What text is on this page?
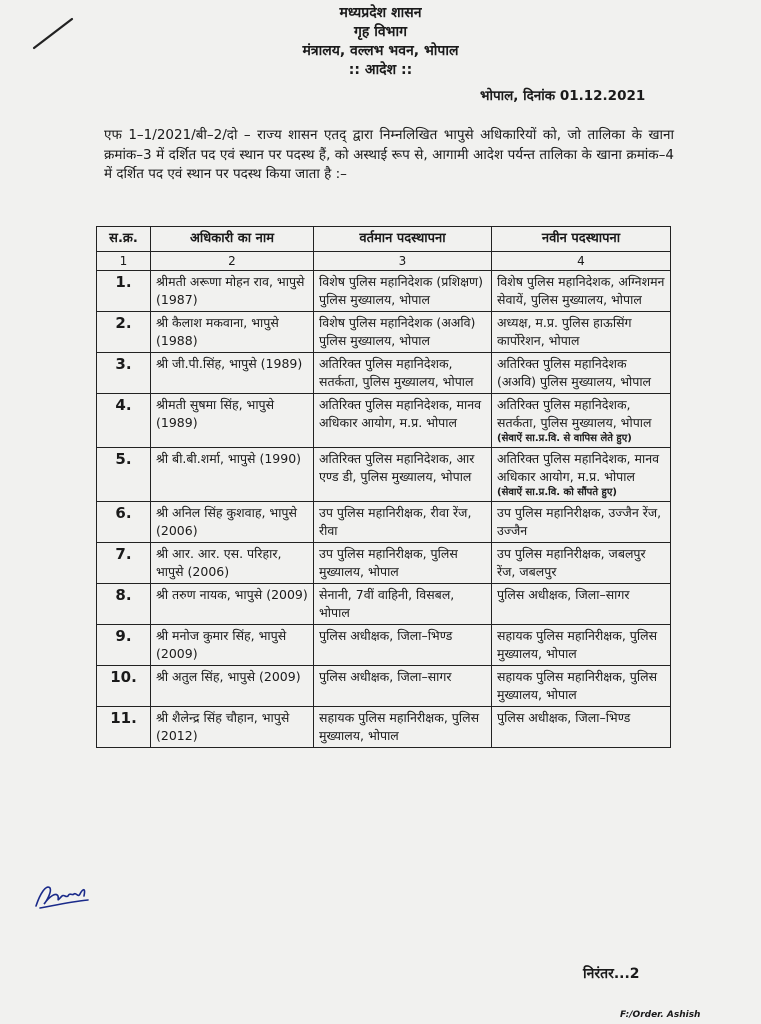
मध्यप्रदेश शासन
गृह विभाग
मंत्रालय, वल्लभ भवन, भोपाल
:: आदेश ::
भोपाल, दिनांक 01.12.2021
एफ 1–1/2021/बी–2/दो – राज्य शासन एतद् द्वारा निम्नलिखित भापुसे अधिकारियों को, जो तालिका के खाना क्रमांक–3 में दर्शित पद एवं स्थान पर पदस्थ हैं, को अस्थाई रूप से, आगामी आदेश पर्यन्त तालिका के खाना क्रमांक–4 में दर्शित पद एवं स्थान पर पदस्थ किया जाता है :–
स.क्र.	अधिकारी का नाम	वर्तमान पदस्थापना	नवीन पदस्थापना
1	2	3	4
1.	श्रीमती अरूणा मोहन राव, भापुसे (1987)	विशेष पुलिस महानिदेशक (प्रशिक्षण) पुलिस मुख्यालय, भोपाल	विशेष पुलिस महानिदेशक, अग्निशमन सेवायें, पुलिस मुख्यालय, भोपाल
2.	श्री कैलाश मकवाना, भापुसे (1988)	विशेष पुलिस महानिदेशक (अअवि) पुलिस मुख्यालय, भोपाल	अध्यक्ष, म.प्र. पुलिस हाऊसिंग कार्पोरेशन, भोपाल
3.	श्री जी.पी.सिंह, भापुसे (1989)	अतिरिक्त पुलिस महानिदेशक, सतर्कता, पुलिस मुख्यालय, भोपाल	अतिरिक्त पुलिस महानिदेशक (अअवि) पुलिस मुख्यालय, भोपाल
4.	श्रीमती सुषमा सिंह, भापुसे (1989)	अतिरिक्त पुलिस महानिदेशक, मानव अधिकार आयोग, म.प्र. भोपाल	अतिरिक्त पुलिस महानिदेशक, सतर्कता, पुलिस मुख्यालय, भोपाल
(सेवाऐं सा.प्र.वि. से वापिस लेते हुए)

5.	श्री बी.बी.शर्मा, भापुसे (1990)	अतिरिक्त पुलिस महानिदेशक, आर एण्ड डी, पुलिस मुख्यालय, भोपाल	अतिरिक्त पुलिस महानिदेशक, मानव अधिकार आयोग, म.प्र. भोपाल
(सेवाऐं सा.प्र.वि. को सौंपते हुए)

6.	श्री अनिल सिंह कुशवाह, भापुसे (2006)	उप पुलिस महानिरीक्षक, रीवा रेंज, रीवा	उप पुलिस महानिरीक्षक, उज्जैन रेंज, उज्जैन
7.	श्री आर. आर. एस. परिहार, भापुसे (2006)	उप पुलिस महानिरीक्षक, पुलिस मुख्यालय, भोपाल	उप पुलिस महानिरीक्षक, जबलपुर रेंज, जबलपुर
8.	श्री तरुण नायक, भापुसे (2009)	सेनानी, 7वीं वाहिनी, विसबल, भोपाल	पुलिस अधीक्षक, जिला–सागर
9.	श्री मनोज कुमार सिंह, भापुसे (2009)	पुलिस अधीक्षक, जिला–भिण्ड	सहायक पुलिस महानिरीक्षक, पुलिस मुख्यालय, भोपाल
10.	श्री अतुल सिंह, भापुसे (2009)	पुलिस अधीक्षक, जिला–सागर	सहायक पुलिस महानिरीक्षक, पुलिस मुख्यालय, भोपाल
11.	श्री शैलेन्द्र सिंह चौहान, भापुसे (2012)	सहायक पुलिस महानिरीक्षक, पुलिस मुख्यालय, भोपाल	पुलिस अधीक्षक, जिला–भिण्ड
निरंतर...2
F:/Order. Ashish
